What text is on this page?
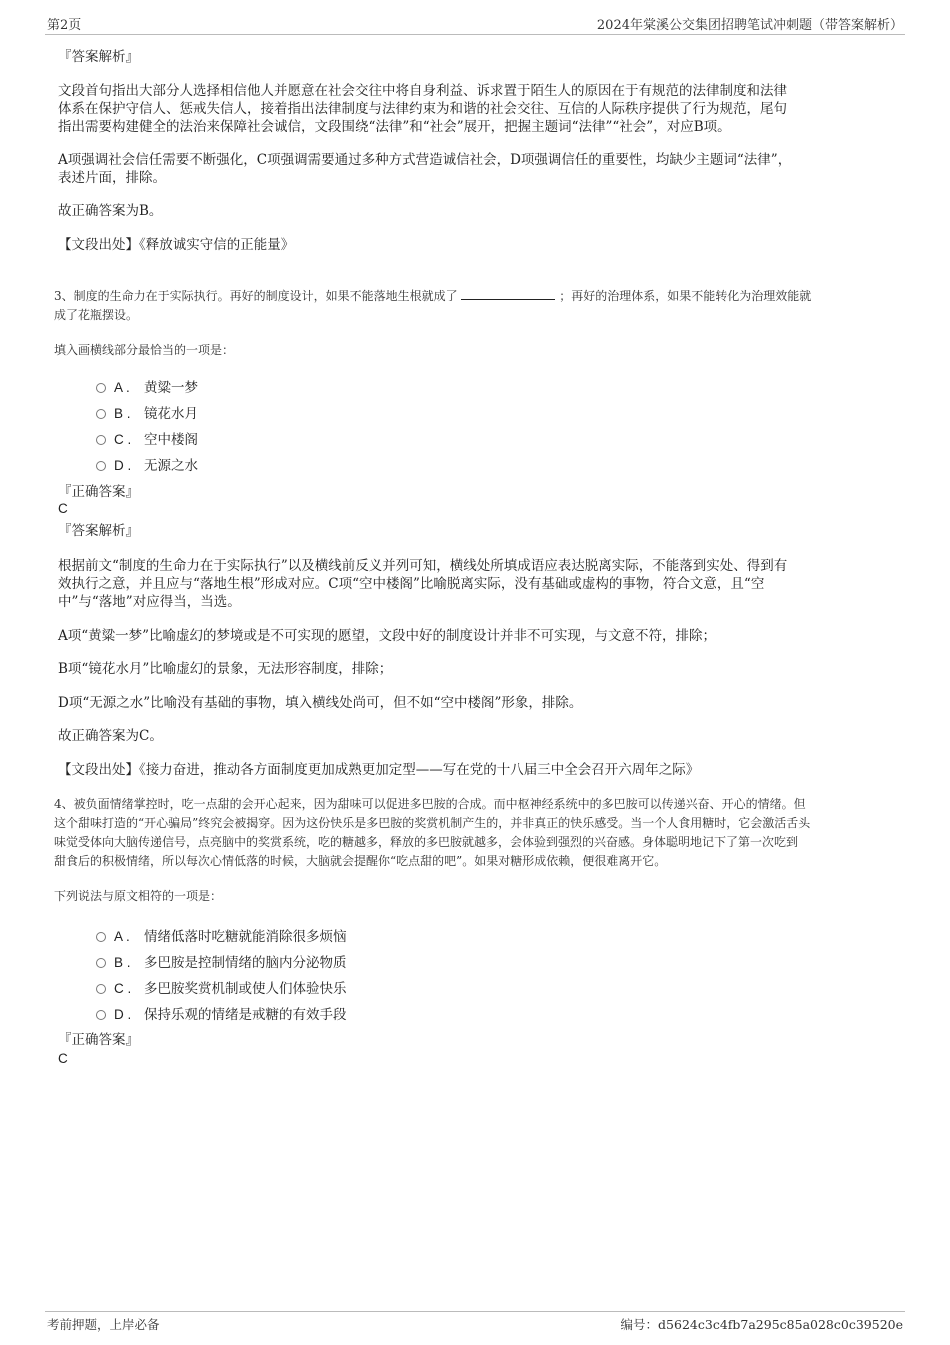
第2页	2024年棠溪公交集团招聘笔试冲刺题（带答案解析）
『答案解析』
文段首句指出大部分人选择相信他人并愿意在社会交往中将自身利益、诉求置于陌生人的原因在于有规范的法律制度和法律
体系在保护守信人、惩戒失信人，接着指出法律制度与法律约束为和谐的社会交往、互信的人际秩序提供了行为规范，尾句
指出需要构建健全的法治来保障社会诚信，文段围绕“法律”和“社会”展开，把握主题词“法律”“社会”，对应B项。
A项强调社会信任需要不断强化，C项强调需要通过多种方式营造诚信社会，D项强调信任的重要性，均缺少主题词“法律”，
表述片面，排除。
故正确答案为B。
【文段出处】《释放诚实守信的正能量》
3、制度的生命力在于实际执行。再好的制度设计，如果不能落地生根就成了	；再好的治理体系，如果不能转化为治理效能就
成了花瓶摆设。
填入画横线部分最恰当的一项是：
A . 黄粱一梦
B . 镜花水月
C . 空中楼阁
D . 无源之水
『正确答案』
C
『答案解析』
根据前文“制度的生命力在于实际执行”以及横线前反义并列可知，横线处所填成语应表达脱离实际，不能落到实处、得到有
效执行之意，并且应与“落地生根”形成对应。C项“空中楼阁”比喻脱离实际，没有基础或虚构的事物，符合文意，且“空
中”与“落地”对应得当，当选。
A项“黄粱一梦”比喻虚幻的梦境或是不可实现的愿望，文段中好的制度设计并非不可实现，与文意不符，排除；
B项“镜花水月”比喻虚幻的景象，无法形容制度，排除；
D项“无源之水”比喻没有基础的事物，填入横线处尚可，但不如“空中楼阁”形象，排除。
故正确答案为C。
【文段出处】《接力奋进，推动各方面制度更加成熟更加定型——写在党的十八届三中全会召开六周年之际》
4、被负面情绪掌控时，吃一点甜的会开心起来，因为甜味可以促进多巴胺的合成。而中枢神经系统中的多巴胺可以传递兴奋、开心的情绪。但
这个甜味打造的“开心骗局”终究会被揭穿。因为这份快乐是多巴胺的奖赏机制产生的，并非真正的快乐感受。当一个人食用糖时，它会激活舌头
味觉受体向大脑传递信号，点亮脑中的奖赏系统，吃的糖越多，释放的多巴胺就越多，会体验到强烈的兴奋感。身体聪明地记下了第一次吃到
甜食后的积极情绪，所以每次心情低落的时候，大脑就会提醒你“吃点甜的吧”。如果对糖形成依赖，便很难离开它。
下列说法与原文相符的一项是：
A . 情绪低落时吃糖就能消除很多烦恼
B . 多巴胺是控制情绪的脑内分泌物质
C . 多巴胺奖赏机制或使人们体验快乐
D . 保持乐观的情绪是戒糖的有效手段
『正确答案』
C
考前押题，上岸必备	编号：d5624c3c4fb7a295c85a028c0c39520e
